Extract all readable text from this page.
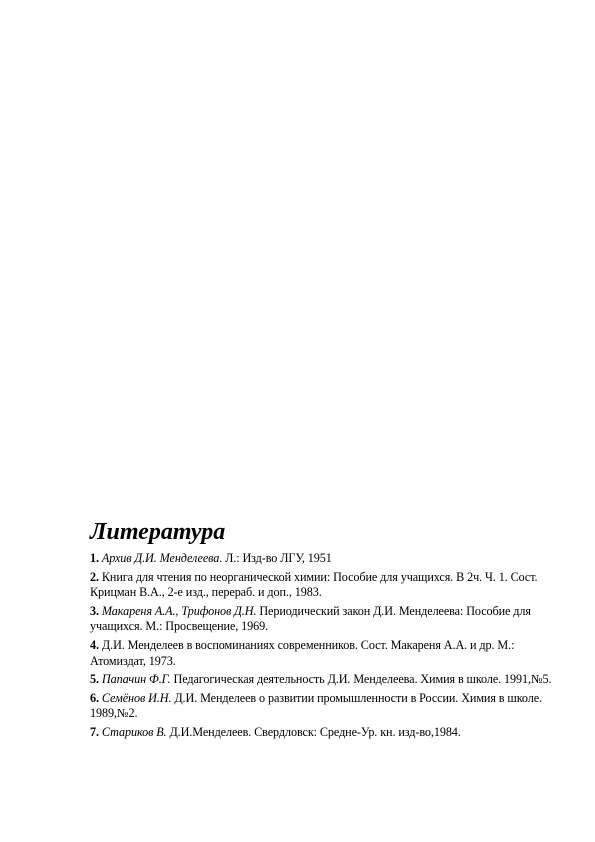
Литература
1. Архив Д.И. Менделеева. Л.: Изд-во ЛГУ, 1951
2. Книга для чтения по неорганической химии: Пособие для учащихся. В 2ч. Ч. 1. Сост. Крицман В.А., 2-е изд., перераб. и доп., 1983.
3. Макареня А.А., Трифонов Д.Н. Периодический закон Д.И. Менделеева: Пособие для учащихся. М.: Просвещение, 1969.
4. Д.И. Менделеев в воспоминаниях современников. Сост. Макареня А.А. и др. М.: Атомиздат, 1973.
5. Папачин Ф.Г. Педагогическая деятельность Д.И. Менделеева. Химия в школе. 1991,№5.
6. Семёнов И.Н. Д.И. Менделеев о развитии промышленности в России. Химия в школе. 1989,№2.
7. Стариков В. Д.И.Менделеев. Свердловск: Средне-Ур. кн. изд-во,1984.
